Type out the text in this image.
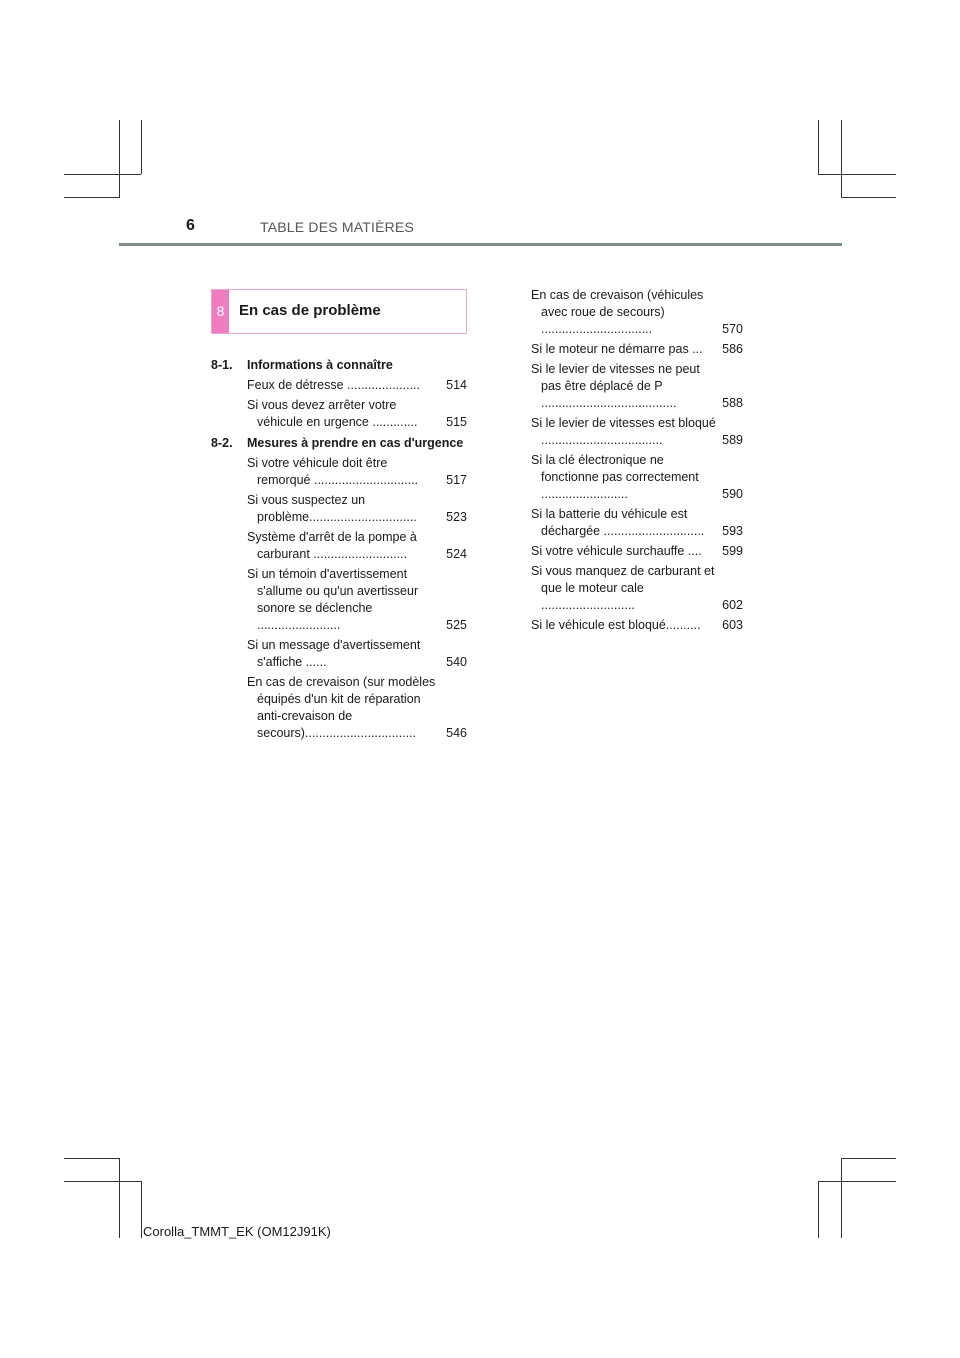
6	TABLE DES MATIÈRES
8 En cas de problème
8-1. Informations à connaître
Feux de détresse .....................	514
Si vous devez arrêter votre véhicule en urgence .............	515
8-2. Mesures à prendre en cas d'urgence
Si votre véhicule doit être remorqué ..............................	517
Si vous suspectez un problème...............................	523
Système d'arrêt de la pompe à carburant ...........................	524
Si un témoin d'avertissement s'allume ou qu'un avertisseur sonore se déclenche ........................	525
Si un message d'avertissement s'affiche ......	540
En cas de crevaison (sur modèles équipés d'un kit de réparation anti-crevaison de secours)................................	546
En cas de crevaison (véhicules avec roue de secours) ................................	570
Si le moteur ne démarre pas ...	586
Si le levier de vitesses ne peut pas être déplacé de P .......................................	588
Si le levier de vitesses est bloqué ...................................	589
Si la clé électronique ne fonctionne pas correctement .........................	590
Si la batterie du véhicule est déchargée .............................	593
Si votre véhicule surchauffe ....	599
Si vous manquez de carburant et que le moteur cale ...........................	602
Si le véhicule est bloqué..........	603
Corolla_TMMT_EK (OM12J91K)
